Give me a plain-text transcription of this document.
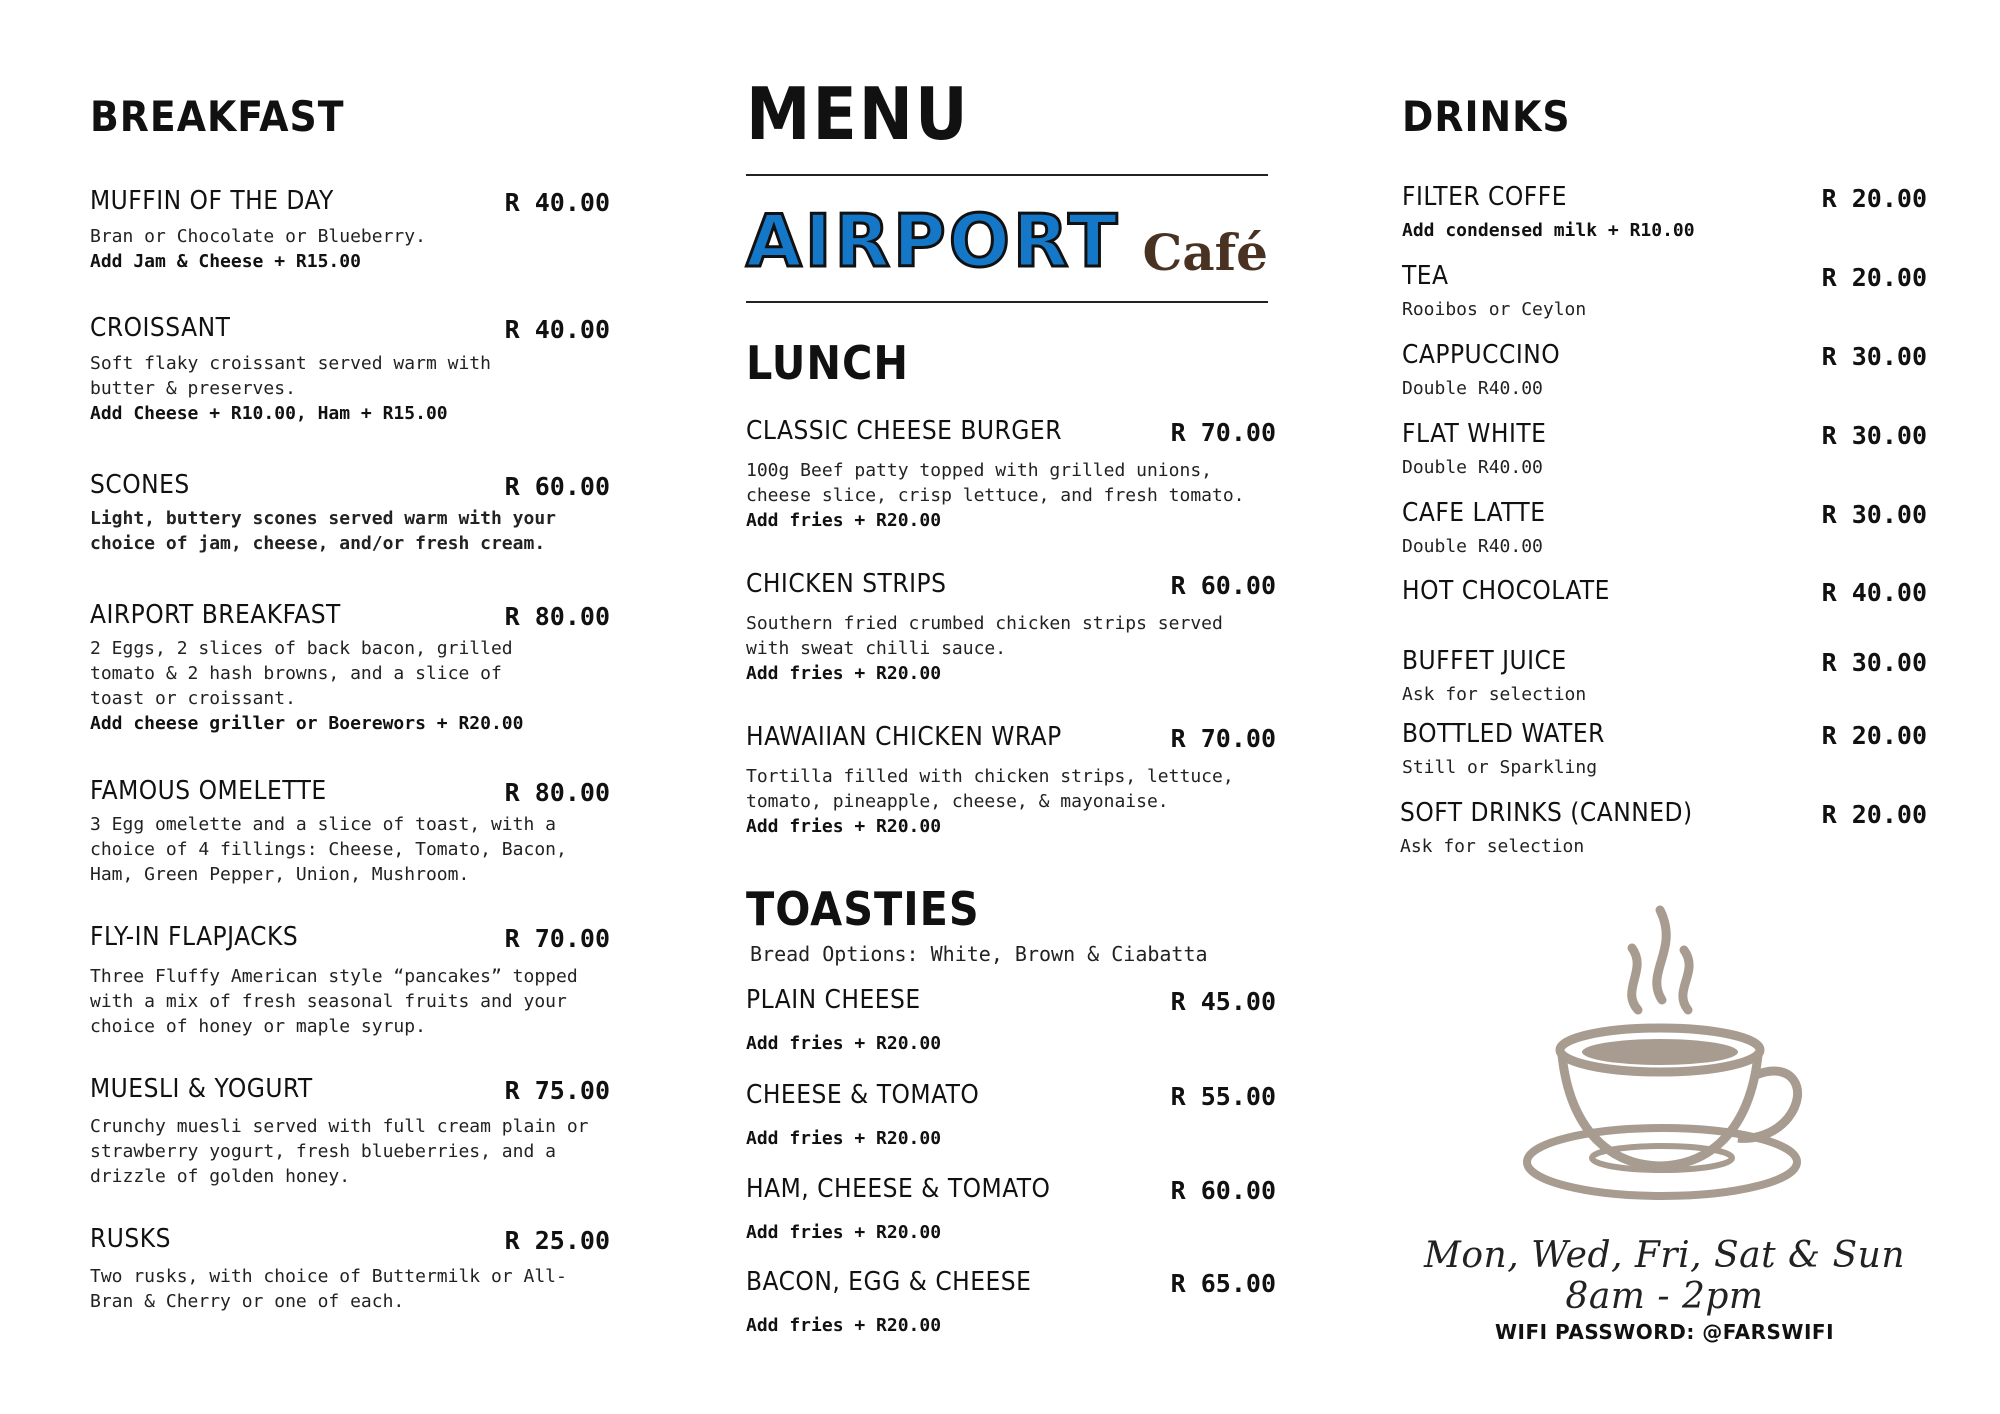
BREAKFAST
MUFFIN OF THE DAY	R 40.00

Bran or Chocolate or Blueberry.

Add Jam & Cheese + R15.00
CROISSANT	R 40.00

Soft flaky croissant served warm with butter & preserves.

Add Cheese + R10.00, Ham + R15.00
SCONES	R 60.00

Light, buttery scones served warm with your choice of jam, cheese, and/or fresh cream.

AIRPORT BREAKFAST	R 80.00

2 Eggs, 2 slices of back bacon, grilled tomato & 2 hash browns, and a slice of toast or croissant.

Add cheese griller or Boerewors + R20.00
FAMOUS OMELETTE	R 80.00

3 Egg omelette and a slice of toast, with a choice of 4 fillings: Cheese, Tomato, Bacon, Ham, Green Pepper, Union, Mushroom.

FLY-IN FLAPJACKS	R 70.00

Three Fluffy American style “pancakes” topped with a mix of fresh seasonal fruits and your choice of honey or maple syrup.

MUESLI & YOGURT	R 75.00

Crunchy muesli served with full cream plain or strawberry yogurt, fresh blueberries, and a drizzle of golden honey.

RUSKS	R 25.00

Two rusks, with choice of Buttermilk or All-Bran & Cherry or one of each.

MENU
AIRPORT Café
LUNCH
CLASSIC CHEESE BURGER	R 70.00

100g Beef patty topped with grilled unions, cheese slice, crisp lettuce, and fresh tomato. Add fries + R20.00

CHICKEN STRIPS	R 60.00

Southern fried crumbed chicken strips served with sweat chilli sauce.

Add fries + R20.00
HAWAIIAN CHICKEN WRAP	R 70.00

Tortilla filled with chicken strips, lettuce, tomato, pineapple, cheese, & mayonaise.

Add fries + R20.00
TOASTIES

Bread Options: White, Brown & Ciabatta

PLAIN CHEESE	R 45.00
Add fries + R20.00
CHEESE & TOMATO	R 55.00
Add fries + R20.00
HAM, CHEESE & TOMATO	R 60.00
Add fries + R20.00
BACON, EGG & CHEESE	R 65.00
Add fries + R20.00
DRINKS
FILTER COFFE	R 20.00
Add condensed milk + R10.00
TEA	R 20.00

Rooibos or Ceylon

CAPPUCCINO	R 30.00

Double R40.00

FLAT WHITE	R 30.00

Double R40.00

CAFE LATTE	R 30.00

Double R40.00

HOT CHOCOLATE	R 40.00
BUFFET JUICE	R 30.00

Ask for selection

BOTTLED WATER	R 20.00

Still or Sparkling

SOFT DRINKS (CANNED)	R 20.00

Ask for selection

Mon, Wed, Fri, Sat & Sun 8am - 2pm
WIFI PASSWORD: @FARSWIFI
